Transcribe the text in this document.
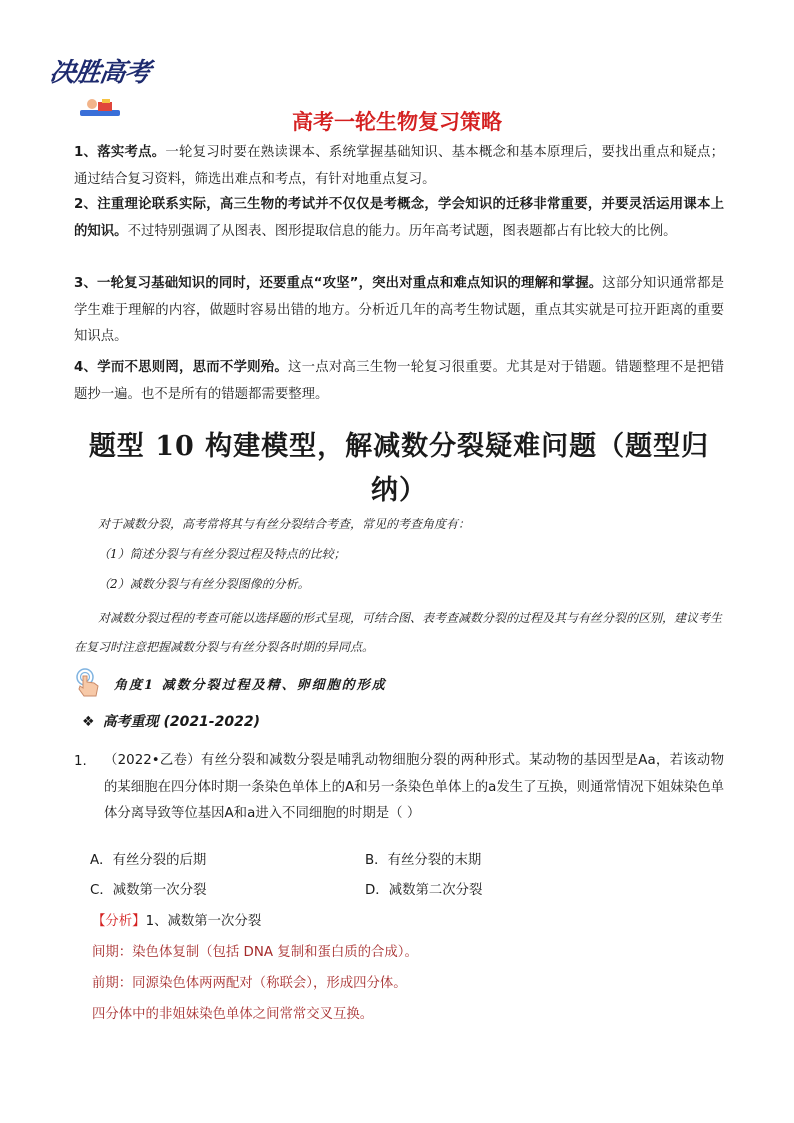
决胜高考
高考一轮生物复习策略
1、落实考点。一轮复习时要在熟读课本、系统掌握基础知识、基本概念和基本原理后，要找出重点和疑点；通过结合复习资料，筛选出难点和考点，有针对地重点复习。
2、注重理论联系实际，高三生物的考试并不仅仅是考概念，学会知识的迁移非常重要，并要灵活运用课本上的知识。不过特别强调了从图表、图形提取信息的能力。历年高考试题，图表题都占有比较大的比例。
3、一轮复习基础知识的同时，还要重点“攻坚”，突出对重点和难点知识的理解和掌握。这部分知识通常都是学生难于理解的内容，做题时容易出错的地方。分析近几年的高考生物试题，重点其实就是可拉开距离的重要知识点。
4、学而不思则罔，思而不学则殆。这一点对高三生物一轮复习很重要。尤其是对于错题。错题整理不是把错题抄一遍。也不是所有的错题都需要整理。
题型 10 构建模型，解减数分裂疑难问题（题型归纳）
对于减数分裂，高考常将其与有丝分裂结合考查，常见的考查角度有：
（1）简述分裂与有丝分裂过程及特点的比较；
（2）减数分裂与有丝分裂图像的分析。
对减数分裂过程的考查可能以选择题的形式呈现，可结合图、表考查减数分裂的过程及其与有丝分裂的区别，建议考生在复习时注意把握减数分裂与有丝分裂各时期的异同点。
角度1 减数分裂过程及精、卵细胞的形成
❖ 高考重现 (2021-2022)
1. （2022•乙卷）有丝分裂和减数分裂是哺乳动物细胞分裂的两种形式。某动物的基因型是Aa，若该动物的某细胞在四分体时期一条染色单体上的A和另一条染色单体上的a发生了互换，则通常情况下姐妹染色单体分离导致等位基因A和a进入不同细胞的时期是（ ）
A．有丝分裂的后期	B．有丝分裂的末期
C．减数第一次分裂	D．减数第二次分裂
【分析】1、减数第一次分裂
间期：染色体复制（包括 DNA 复制和蛋白质的合成）。
前期：同源染色体两两配对（称联会），形成四分体。
四分体中的非姐妹染色单体之间常常交叉互换。
